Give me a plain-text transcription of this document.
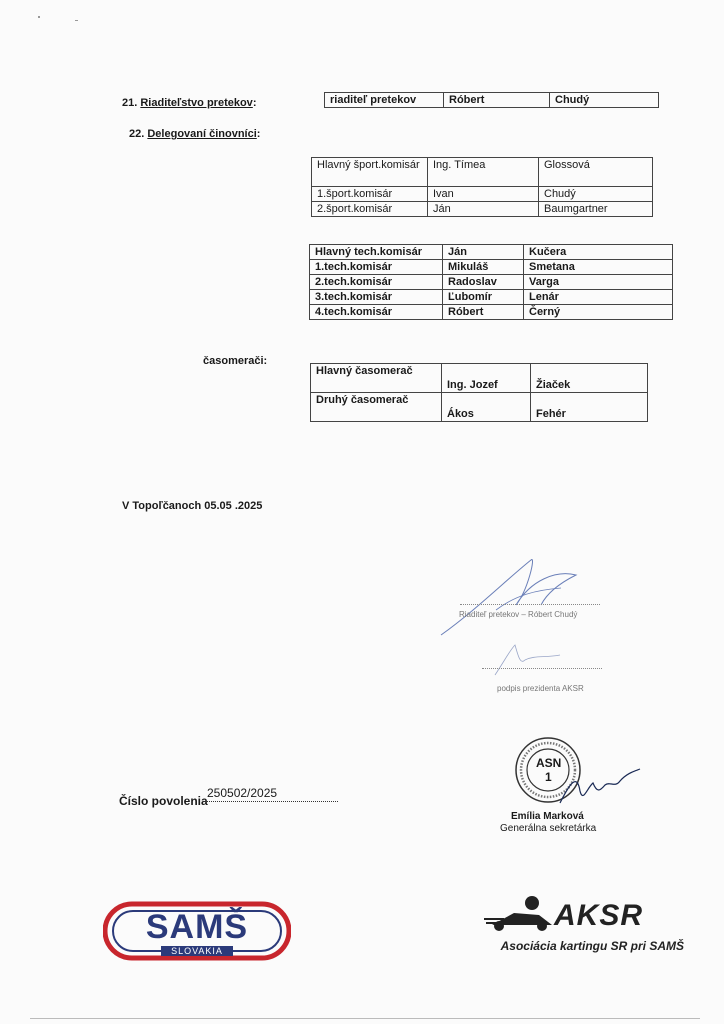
21. Riaditeľstvo pretekov:	riaditeľ pretekov	Róbert	Chudý
22. Delegovaní činovníci:
Hlavný šport.komisár	Ing. Tímea	Glossová
1.šport.komisár	Ivan	Chudý
2.šport.komisár	Ján	Baumgartner
Hlavný tech.komisár	Ján	Kučera
1.tech.komisár	Mikuláš	Smetana
2.tech.komisár	Radoslav	Varga
3.tech.komisár	Ľubomír	Lenár
4.tech.komisár	Róbert	Černý
časomerači:
Hlavný časomerač	Ing. Jozef	Žiaček
Druhý časomerač	Ákos	Fehér
V Topoľčanoch 05.05 .2025
Riaditeľ pretekov – Róbert Chudý
podpis prezidenta AKSR
ASN
1
Emília Marková
Generálna sekretárka
Číslo povolenia
250502/2025
SAMŠ
SLOVAKIA
AKSR
Asociácia kartingu SR pri SAMŠ
